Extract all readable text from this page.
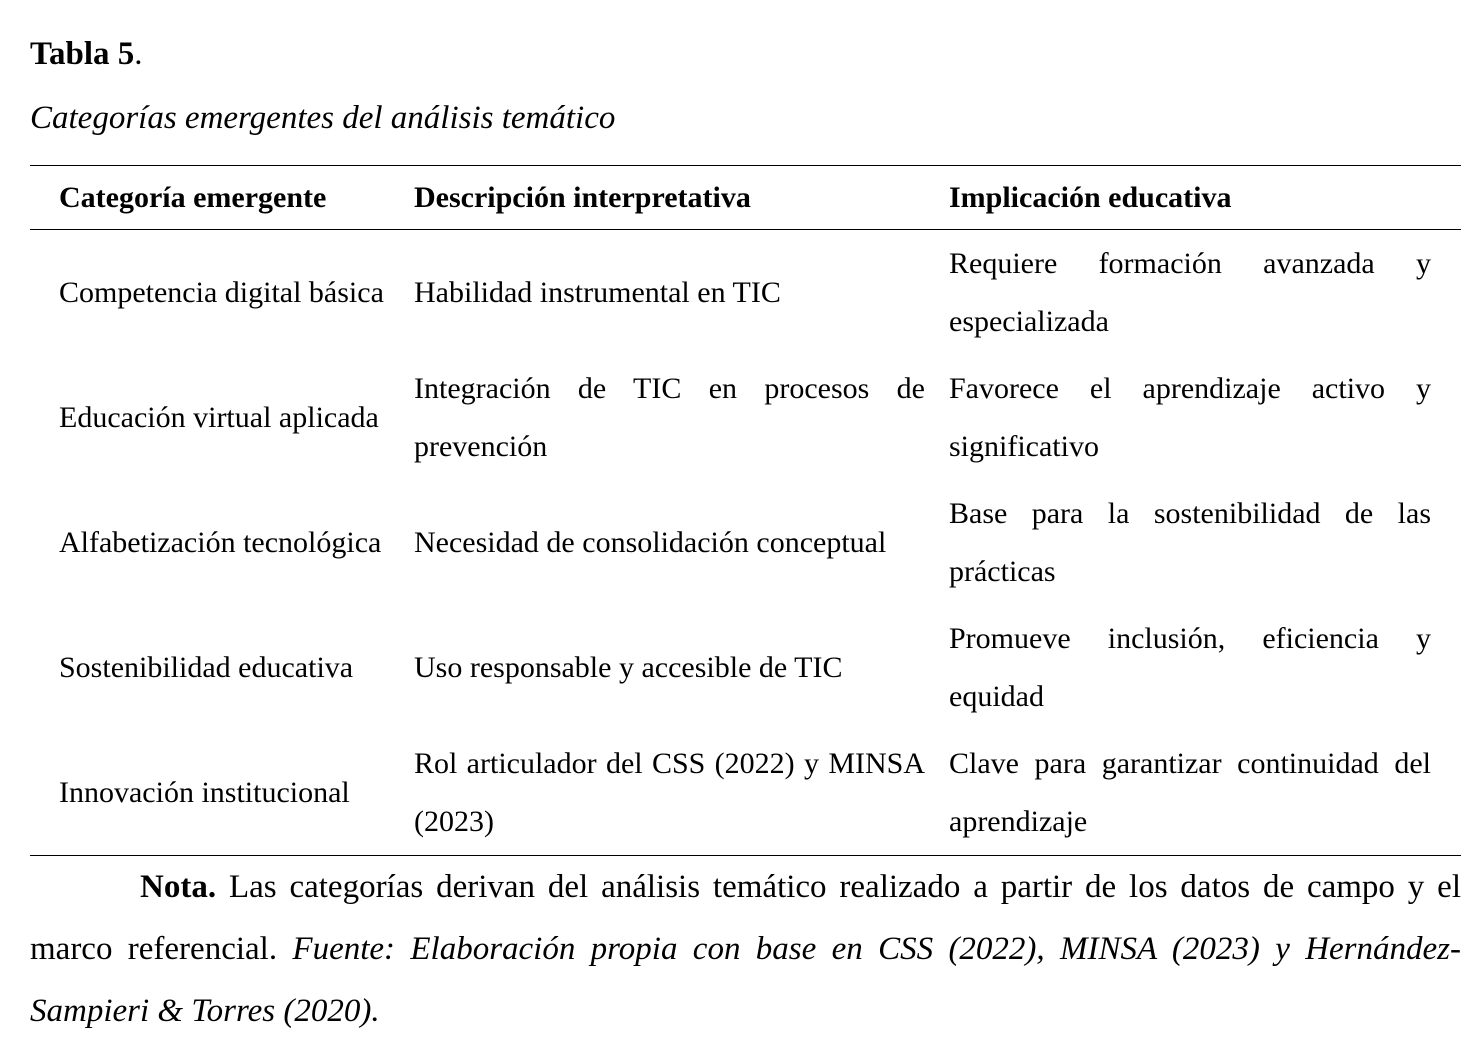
Tabla 5.
Categorías emergentes del análisis temático
Categoría emergente	Descripción interpretativa	Implicación educativa
Competencia digital básica	Habilidad instrumental en TIC	Requiere formación avanzada y especializada
Educación virtual aplicada	Integración de TIC en procesos de prevención	Favorece el aprendizaje activo y significativo
Alfabetización tecnológica	Necesidad de consolidación conceptual	Base para la sostenibilidad de las prácticas
Sostenibilidad educativa	Uso responsable y accesible de TIC	Promueve inclusión, eficiencia y equidad
Innovación institucional	Rol articulador del CSS (2022) y MINSA (2023)	Clave para garantizar continuidad del aprendizaje
Nota. Las categorías derivan del análisis temático realizado a partir de los datos de campo y el marco referencial. Fuente: Elaboración propia con base en CSS (2022), MINSA (2023) y Hernández-Sampieri & Torres (2020).
